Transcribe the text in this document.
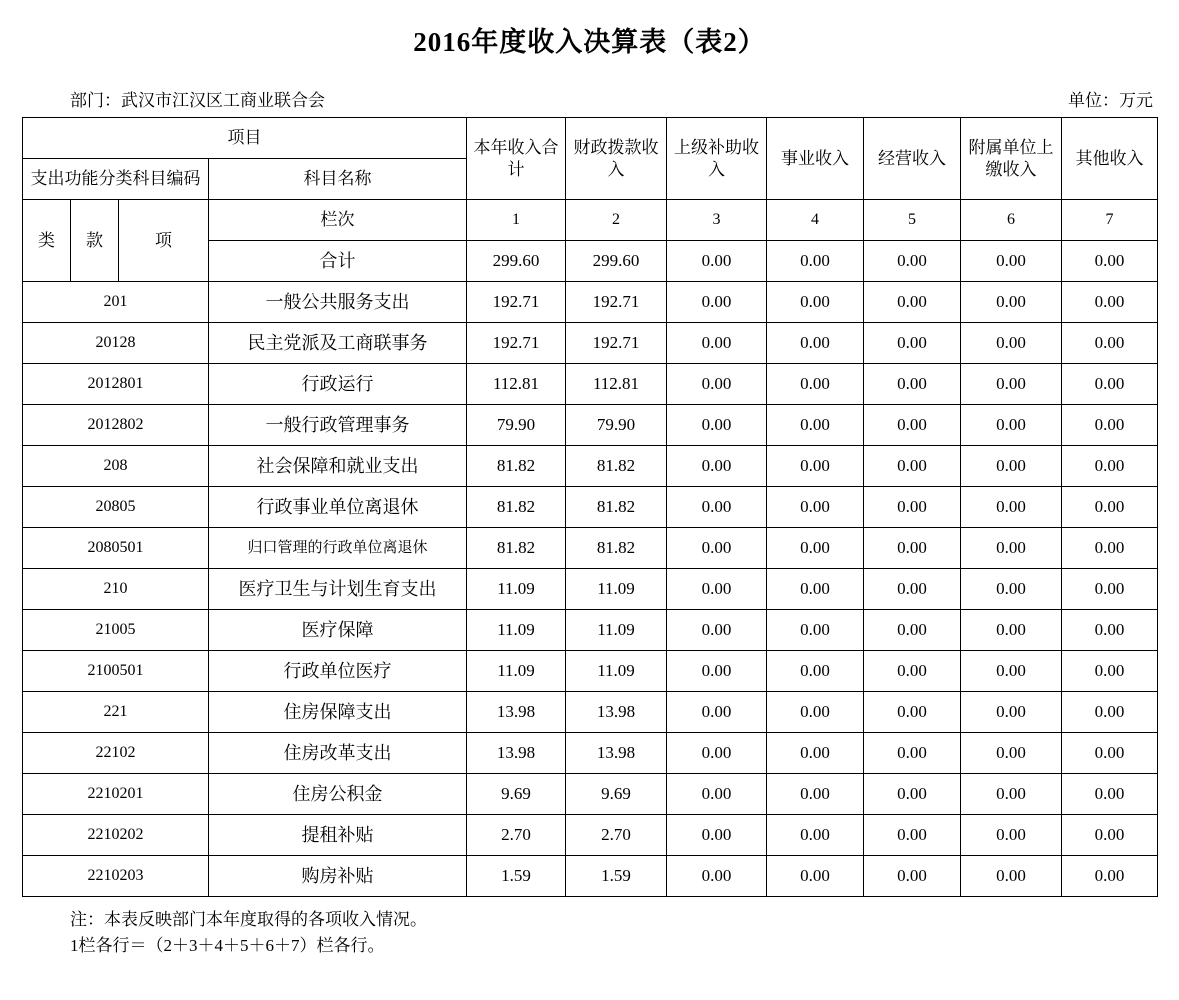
2016年度收入决算表（表2）
部门：武汉市江汉区工商业联合会	单位：万元
项目				本年收入合计	财政拨款收入	上级补助收入	事业收入	经营收入	附属单位上缴收入	其他收入
支出功能分类科目编码			科目名称							
类	款	项	栏次	1	2	3	4	5	6	7
			合计	299.60	299.60	0.00	0.00	0.00	0.00	0.00
201			一般公共服务支出	192.71	192.71	0.00	0.00	0.00	0.00	0.00
20128			民主党派及工商联事务	192.71	192.71	0.00	0.00	0.00	0.00	0.00
2012801			行政运行	112.81	112.81	0.00	0.00	0.00	0.00	0.00
2012802			一般行政管理事务	79.90	79.90	0.00	0.00	0.00	0.00	0.00
208			社会保障和就业支出	81.82	81.82	0.00	0.00	0.00	0.00	0.00
20805			行政事业单位离退休	81.82	81.82	0.00	0.00	0.00	0.00	0.00
2080501			归口管理的行政单位离退休	81.82	81.82	0.00	0.00	0.00	0.00	0.00
210			医疗卫生与计划生育支出	11.09	11.09	0.00	0.00	0.00	0.00	0.00
21005			医疗保障	11.09	11.09	0.00	0.00	0.00	0.00	0.00
2100501			行政单位医疗	11.09	11.09	0.00	0.00	0.00	0.00	0.00
221			住房保障支出	13.98	13.98	0.00	0.00	0.00	0.00	0.00
22102			住房改革支出	13.98	13.98	0.00	0.00	0.00	0.00	0.00
2210201			住房公积金	9.69	9.69	0.00	0.00	0.00	0.00	0.00
2210202			提租补贴	2.70	2.70	0.00	0.00	0.00	0.00	0.00
2210203			购房补贴	1.59	1.59	0.00	0.00	0.00	0.00	0.00
注：本表反映部门本年度取得的各项收入情况。
1栏各行＝（2＋3＋4＋5＋6＋7）栏各行。
